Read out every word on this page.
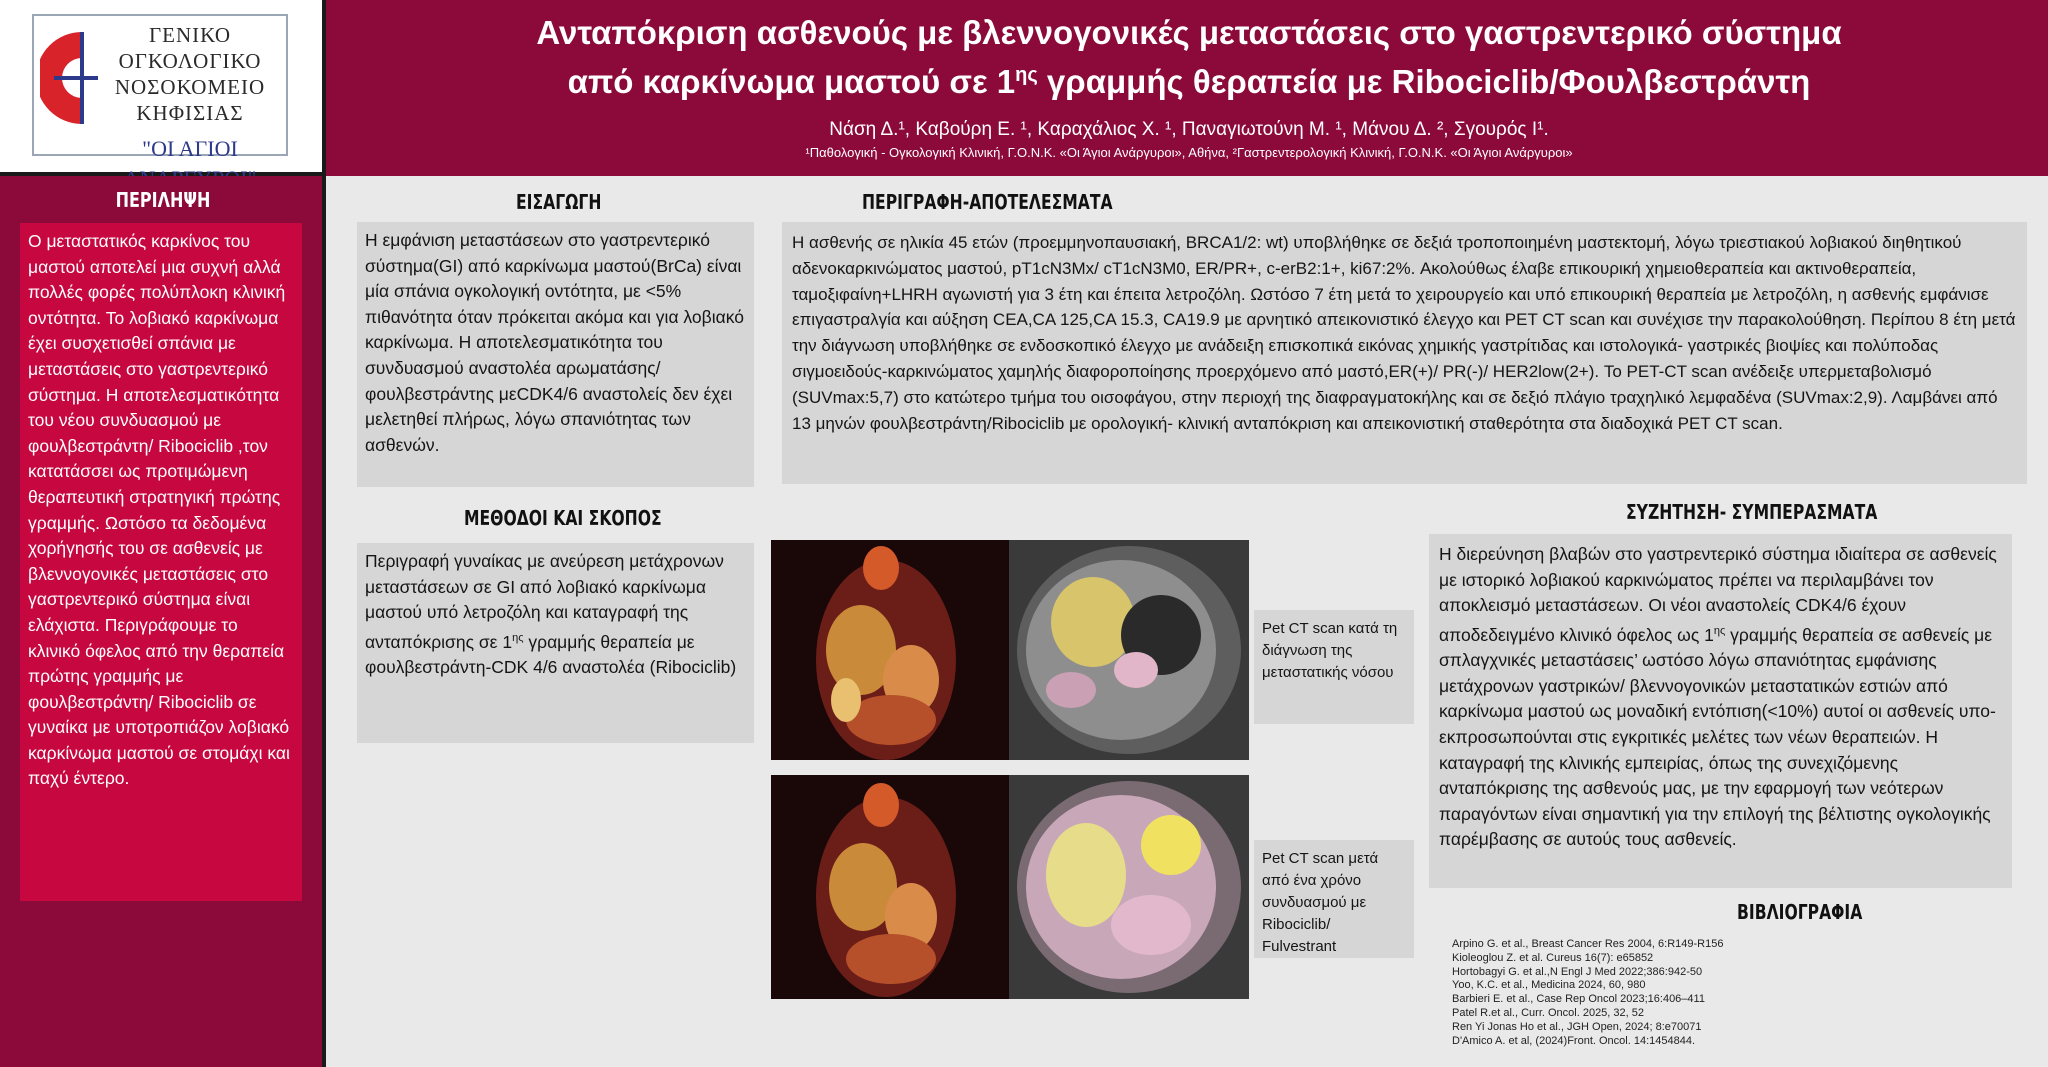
ΓΕΝΙΚΟ ΟΓΚΟΛΟΓΙΚΟ
ΝΟΣΟΚΟΜΕΙΟ ΚΗΦΙΣΙΑΣ
"ΟΙ ΑΓΙΟΙ
Ανταπόκριση ασθενούς με βλεννογονικές μεταστάσεις στο γαστρεντερικό σύστημα
από καρκίνωμα μαστού σε $1^{\eta\varsigma}$ γραμμής θεραπεία με Ribociclib/Φουλβεστράντη
Νάση Δ.¹, Καβούρη Ε. ¹, Καραχάλιος Χ. ¹, Παναγιωτούνη Μ. ¹, Μάνου Δ. ², Σγουρός Ι¹.
¹Παθολογική - Ογκολογική Κλινική, Γ.Ο.Ν.Κ. «Οι Άγιοι Ανάργυροι», Αθήνα, ²Γαστρεντερολογική Κλινική, Γ.Ο.Ν.Κ. «Οι Άγιοι Ανάργυροι»
ΠΕΡΙΛΗΨΗ
Ο μεταστατικός καρκίνος του μαστού αποτελεί μια συχνή αλλά πολλές φορές πολύπλοκη κλινική οντότητα. Το λοβιακό καρκίνωμα έχει συσχετισθεί σπάνια με μεταστάσεις στο γαστρεντερικό σύστημα. Η αποτελεσματικότητα του νέου συνδυασμού με φουλβεστράντη/ Ribociclib ,τον κατατάσσει ως προτιμώμενη θεραπευτική στρατηγική πρώτης γραμμής. Ωστόσο τα δεδομένα χορήγησής του σε ασθενείς με βλεννογονικές μεταστάσεις στο γαστρεντερικό σύστημα είναι ελάχιστα. Περιγράφουμε το κλινικό όφελος από την θεραπεία πρώτης γραμμής με φουλβεστράντη/ Ribociclib σε γυναίκα με υποτροπιάζον λοβιακό καρκίνωμα μαστού σε στομάχι και παχύ έντερο.
ΕΙΣΑΓΩΓΗ
Η εμφάνιση μεταστάσεων στο γαστρεντερικό σύστημα(GI) από καρκίνωμα μαστού(BrCa) είναι μία σπάνια ογκολογική οντότητα, με <5% πιθανότητα όταν πρόκειται ακόμα και για λοβιακό καρκίνωμα. Η αποτελεσματικότητα του συνδυασμού αναστολέα αρωματάσης/ φουλβεστράντης μεCDK4/6 αναστολείς δεν έχει μελετηθεί πλήρως, λόγω σπανιότητας των ασθενών.
ΠΕΡΙΓΡΑΦΗ-ΑΠΟΤΕΛΕΣΜΑΤΑ
Η ασθενής σε ηλικία 45 ετών (προεμμηνοπαυσιακή, BRCA1/2: wt) υποβλήθηκε σε δεξιά τροποποιημένη μαστεκτομή, λόγω τριεστιακού λοβιακού διηθητικού αδενοκαρκινώματος μαστού, pT1cN3Mx/ cT1cN3M0, ER/PR+, c-erB2:1+, ki67:2%. Ακολούθως έλαβε επικουρική χημειοθεραπεία και ακτινοθεραπεία, ταμοξιφαίνη+LHRH αγωνιστή για 3 έτη και έπειτα λετροζόλη. Ωστόσο 7 έτη μετά το χειρουργείο και υπό επικουρική θεραπεία με λετροζόλη, η ασθενής εμφάνισε επιγαστραλγία και αύξηση CEA,CA 125,CA 15.3, CA19.9 με αρνητικό απεικονιστικό έλεγχο και PET CT scan και συνέχισε την παρακολούθηση. Περίπου 8 έτη μετά την διάγνωση υποβλήθηκε σε ενδοσκοπικό έλεγχο με ανάδειξη επισκοπικά εικόνας χημικής γαστρίτιδας και ιστολογικά- γαστρικές βιοψίες και πολύποδας σιγμοειδούς-καρκινώματος χαμηλής διαφοροποίησης προερχόμενο από μαστό,ER(+)/ PR(-)/ HER2low(2+). Το PET-CT scan ανέδειξε υπερμεταβολισμό (SUVmax:5,7) στο κατώτερο τμήμα του οισοφάγου, στην περιοχή της διαφραγματοκήλης και σε δεξιό πλάγιο τραχηλικό λεμφαδένα (SUVmax:2,9). Λαμβάνει από 13 μηνών φουλβεστράντη/Ribociclib με ορολογική- κλινική ανταπόκριση και απεικονιστική σταθερότητα στα διαδοχικά PET CT scan.
ΜΕΘΟΔΟΙ ΚΑΙ ΣΚΟΠΟΣ
Περιγραφή γυναίκας με ανεύρεση μετάχρονων μεταστάσεων σε GI από λοβιακό καρκίνωμα μαστού υπό λετροζόλη και καταγραφή της ανταπόκρισης σε $1^{\eta\varsigma}$ γραμμής θεραπεία με φουλβεστράντη-CDK 4/6 αναστολέα (Ribociclib)
Pet CT scan κατά τη διάγνωση της μεταστατικής νόσου
Pet CT scan μετά από ένα χρόνο συνδυασμού με Ribociclib/ Fulvestrant
ΣΥΖΗΤΗΣΗ- ΣΥΜΠΕΡΑΣΜΑΤΑ
Η διερεύνηση βλαβών στο γαστρεντερικό σύστημα ιδιαίτερα σε ασθενείς με ιστορικό λοβιακού καρκινώματος πρέπει να περιλαμβάνει τον αποκλεισμό μεταστάσεων. Οι νέοι αναστολείς CDK4/6 έχουν αποδεδειγμένο κλινικό όφελος ως $1^{\eta\varsigma}$ γραμμής θεραπεία σε ασθενείς με σπλαγχνικές μεταστάσεις’ ωστόσο λόγω σπανιότητας εμφάνισης μετάχρονων γαστρικών/ βλεννογονικών μεταστατικών εστιών από καρκίνωμα μαστού ως μοναδική εντόπιση(<10%) αυτοί οι ασθενείς υπο-εκπροσωπούνται στις εγκριτικές μελέτες των νέων θεραπειών. Η καταγραφή της κλινικής εμπειρίας, όπως της συνεχιζόμενης ανταπόκρισης της ασθενούς μας, με την εφαρμογή των νεότερων παραγόντων είναι σημαντική για την επιλογή της βέλτιστης ογκολογικής παρέμβασης σε αυτούς τους ασθενείς.
ΒΙΒΛΙΟΓΡΑΦΙΑ
Arpino G. et al., Breast Cancer Res 2004, 6:R149-R156
Kioleoglou Z. et al. Cureus 16(7): e65852
Hortobagyi G. et al.,N Engl J Med 2022;386:942-50
Yoo, K.C. et al., Medicina 2024, 60, 980
Barbieri E. et al., Case Rep Oncol 2023;16:406–411
Patel R.et al., Curr. Oncol. 2025, 32, 52
Ren Yi Jonas Ho et al., JGH Open, 2024; 8:e70071
D'Amico A. et al, (2024)Front. Oncol. 14:1454844.
